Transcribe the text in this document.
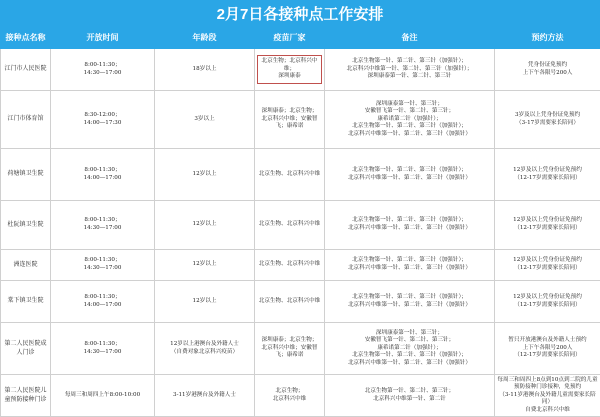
2月7日各接种点工作安排
接种点名称	开放时间	年龄段	疫苗厂家	备注	预约方法
江门市人民医院	8:00-11:30；
14:30—17:00	18岁以上	北京生物；北京科兴中维；
深圳康泰	北京生物第一针、第二针、第三针（加强针）；
北京科兴中维第一针、第二针、第三针（加强针）；
深圳康泰第一针、第二针、第三针	凭身份证免预约
上下午各限号200人
江门市体育馆	8:30-12:00；
14:00—17:30	3岁以上	深圳康泰；北京生物；
北京科兴中维；安徽智飞；康希诺	深圳康泰第一针、第三针；
安徽智飞第一针、第二针、第三针；
康希诺第二针（加强针）；
北京生物第一针、第二针、第三针（加强针）；
北京科兴中维第一针、第二针、第三针（加强针）	3岁及以上凭身份证免预约
（3-17岁需要家长陪同）
荷塘镇卫生院	8:00-11:30；
14:00—17:00	12岁以上	北京生物、北京科兴中维	北京生物第一针、第二针、第三针（加强针）；
北京科兴中维第一针、第二针、第三针（加强针）	12岁及以上凭身份证免预约
（12-17岁需要家长陪同）
杜阮镇卫生院	8:00-11:30；
14:30—17:00	12岁以上	北京生物、北京科兴中维	北京生物第一针、第二针、第三针（加强针）；
北京科兴中维第一针、第二针、第三针（加强针）	12岁及以上凭身份证免预约
（12-17岁需要家长陪同）
洲连医院	8:00-11:30；
14:30—17:00	12岁以上	北京生物、北京科兴中维	北京生物第一针、第二针、第三针（加强针）；
北京科兴中维第一针、第二针、第三针（加强针）	12岁及以上凭身份证免预约
（12-17岁需要家长陪同）
棠下镇卫生院	8:00-11:30；
14:00—17:00	12岁以上	北京生物、北京科兴中维	北京生物第一针、第二针、第三针（加强针）；
北京科兴中维第一针、第二针、第三针（加强针）	12岁及以上凭身份证免预约
（12-17岁需要家长陪同）
第二人民医院成人门诊	8:00-11:30；
14:30—17:00	12岁以上港澳台及外籍人士
（自费对象北京科兴疫苗）	深圳康泰；北京生物；
北京科兴中维；安徽智飞；康希诺	深圳康泰第一针、第三针；
安徽智飞第一针、第二针、第三针；
康希诺第二针（加强针）；
北京生物第一针、第二针、第三针（加强针）；
北京科兴中维第一针、第二针、第三针（加强针）	暂只开放港澳台及外籍人士预约
上下午各限号200人
（12-17岁需要家长陪同）
第二人民医院儿童预防接种门诊	每周三和周四上午8:00-10:00	3-11岁港澳台及外籍人士	北京生物；
北京科兴中维	北京生物第一针、第二针、第三针；
北京科兴中维第一针、第二针	每周三和周四上8点到10点到二院的儿童预防接种门诊接种，免预约
（3-11岁港澳台及外籍儿童需要家长陪同）
自费北京科兴中维
